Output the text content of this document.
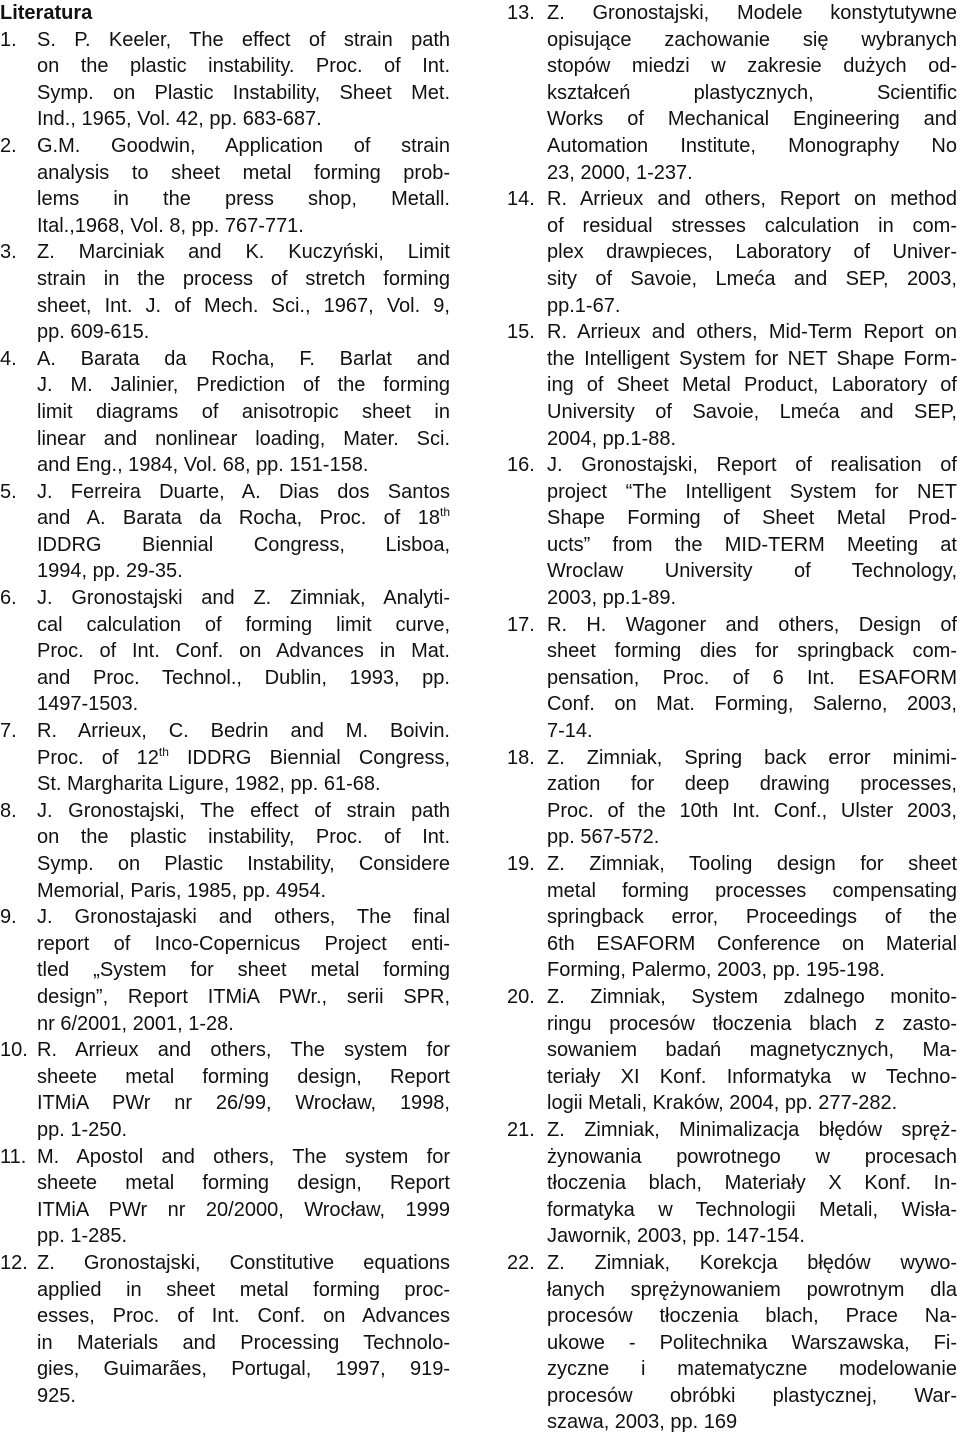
Literatura
1.	S. P. Keeler, The effect of strain path
on the plastic instability. Proc. of Int.
Symp. on Plastic Instability, Sheet Met.
Ind., 1965, Vol. 42, pp. 683-687.
2.	G.M. Goodwin, Application of strain
analysis to sheet metal forming prob-
lems in the press shop, Metall.
Ital.,1968, Vol. 8, pp. 767-771.
3.	Z. Marciniak and K. Kuczyński, Limit
strain in the process of stretch forming
sheet, Int. J. of Mech. Sci., 1967, Vol. 9,
pp. 609-615.
4.	A. Barata da Rocha, F. Barlat and
J. M. Jalinier, Prediction of the forming
limit diagrams of anisotropic sheet in
linear and nonlinear loading, Mater. Sci.
and Eng., 1984, Vol. 68, pp. 151-158.
5.	J. Ferreira Duarte, A. Dias dos Santos
and A. Barata da Rocha, Proc. of 18th
IDDRG Biennial Congress, Lisboa,
1994, pp. 29-35.
6.	J. Gronostajski and Z. Zimniak, Analyti-
cal calculation of forming limit curve,
Proc. of Int. Conf. on Advances in Mat.
and Proc. Technol., Dublin, 1993, pp.
1497-1503.
7.	R. Arrieux, C. Bedrin and M. Boivin.
Proc. of 12th IDDRG Biennial Congress,
St. Margharita Ligure, 1982, pp. 61-68.
8.	J. Gronostajski, The effect of strain path
on the plastic instability, Proc. of Int.
Symp. on Plastic Instability, Considere
Memorial, Paris, 1985, pp. 4954.
9.	J. Gronostajaski and others, The final
report of Inco-Copernicus Project enti-
tled „System for sheet metal forming
design”, Report ITMiA PWr., serii SPR,
nr 6/2001, 2001, 1-28.
10. R. Arrieux and others, The system for
sheete metal forming design, Report
ITMiA PWr nr 26/99, Wrocław, 1998,
pp. 1-250.
11. M. Apostol and others, The system for
sheete metal forming design, Report
ITMiA PWr nr 20/2000, Wrocław, 1999
pp. 1-285.
12. Z. Gronostajski, Constitutive equations
applied in sheet metal forming proc-
esses, Proc. of Int. Conf. on Advances
in Materials and Processing Technolo-
gies, Guimarães, Portugal, 1997, 919-
925.
13. Z. Gronostajski, Modele konstytutywne
opisujące zachowanie się wybranych
stopów miedzi w zakresie dużych od-
kształceń plastycznych, Scientific
Works of Mechanical Engineering and
Automation Institute, Monography No
23, 2000, 1-237.
14. R. Arrieux and others, Report on method
of residual stresses calculation in com-
plex drawpieces, Laboratory of Univer-
sity of Savoie, Lmeća and SEP, 2003,
pp.1-67.
15. R. Arrieux and others, Mid-Term Report on
the Intelligent System for NET Shape Form-
ing of Sheet Metal Product, Laboratory of
University of Savoie, Lmeća and SEP,
2004, pp.1-88.
16. J. Gronostajski, Report of realisation of
project “The Intelligent System for NET
Shape Forming of Sheet Metal Prod-
ucts” from the MID-TERM Meeting at
Wroclaw University of Technology,
2003, pp.1-89.
17. R. H. Wagoner and others, Design of
sheet forming dies for springback com-
pensation, Proc. of 6 Int. ESAFORM
Conf. on Mat. Forming, Salerno, 2003,
7-14.
18. Z. Zimniak, Spring back error minimi-
zation for deep drawing processes,
Proc. of the 10th Int. Conf., Ulster 2003,
pp. 567-572.
19. Z. Zimniak, Tooling design for sheet
metal forming processes compensating
springback error, Proceedings of the
6th ESAFORM Conference on Material
Forming, Palermo, 2003, pp. 195-198.
20. Z. Zimniak, System zdalnego monito-
ringu procesów tłoczenia blach z zasto-
sowaniem badań magnetycznych, Ma-
teriały XI Konf. Informatyka w Techno-
logii Metali, Kraków, 2004, pp. 277-282.
21. Z. Zimniak, Minimalizacja błędów spręż-
żynowania powrotnego w procesach
tłoczenia blach, Materiały X Konf. In-
formatyka w Technologii Metali, Wisła-
Jawornik, 2003, pp. 147-154.
22. Z. Zimniak, Korekcja błędów wywo-
łanych sprężynowaniem powrotnym dla
procesów tłoczenia blach, Prace Na-
ukowe - Politechnika Warszawska, Fi-
zyczne i matematyczne modelowanie
procesów obróbki plastycznej, War-
szawa, 2003, pp. 169
